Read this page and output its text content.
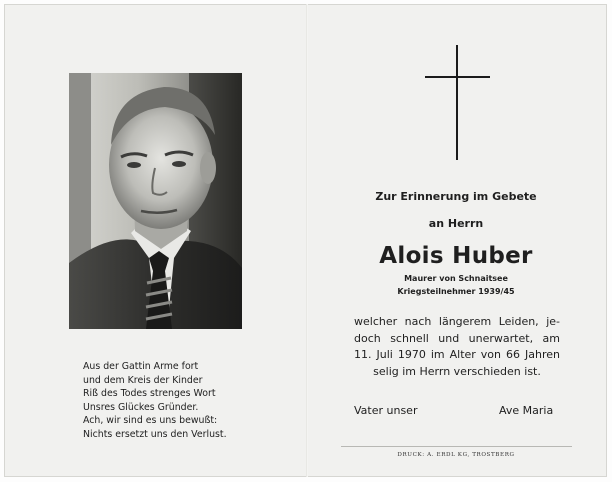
Aus der Gattin Arme fort
und dem Kreis der Kinder
Riß des Todes strenges Wort
Unsres Glückes Gründer.
Ach, wir sind es uns bewußt:
Nichts ersetzt uns den Verlust.
Zur Erinnerung im Gebete
an Herrn
Alois Huber
Maurer von Schnaitsee
Kriegsteilnehmer 1939/45
welcher nach längerem Leiden, je-
doch schnell und unerwartet, am
11. Juli 1970 im Alter von 66 Jahren
selig im Herrn verschieden ist.
Vater unser	Ave Maria
DRUCK: A. ERDL KG, TROSTBERG
